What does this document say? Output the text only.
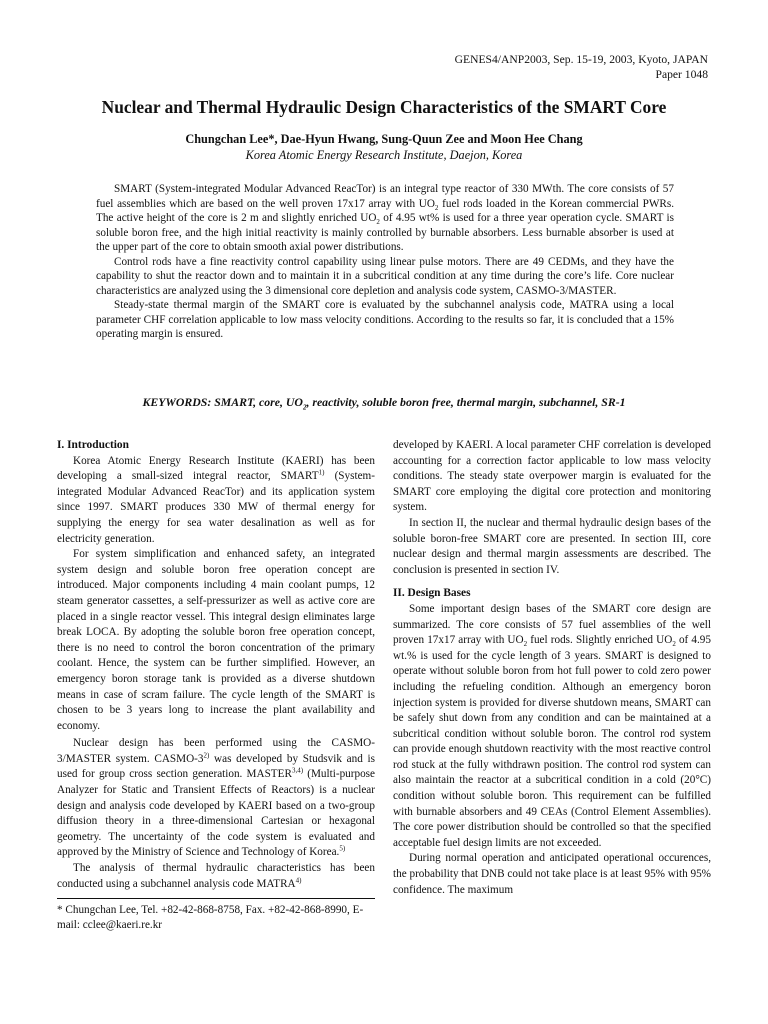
GENES4/ANP2003, Sep. 15-19, 2003, Kyoto, JAPAN
Paper 1048
Nuclear and Thermal Hydraulic Design Characteristics of the SMART Core
Chungchan Lee*, Dae-Hyun Hwang, Sung-Quun Zee and Moon Hee Chang
Korea Atomic Energy Research Institute, Daejon, Korea

SMART (System-integrated Modular Advanced ReacTor) is an integral type reactor of 330 MWth. The core consists of 57 fuel assemblies which are based on the well proven 17x17 array with $UO_2$ fuel rods loaded in the Korean commercial PWRs. The active height of the core is 2 m and slightly enriched $UO_2$ of 4.95 wt% is used for a three year operation cycle. SMART is soluble boron free, and the high initial reactivity is mainly controlled by burnable absorbers. Less burnable absorber is used at the upper part of the core to obtain smooth axial power distributions.

Control rods have a fine reactivity control capability using linear pulse motors. There are 49 CEDMs, and they have the capability to shut the reactor down and to maintain it in a subcritical condition at any time during the core’s life. Core nuclear characteristics are analyzed using the 3 dimensional core depletion and analysis code system, CASMO-3/MASTER.

Steady-state thermal margin of the SMART core is evaluated by the subchannel analysis code, MATRA using a local parameter CHF correlation applicable to low mass velocity conditions. According to the results so far, it is concluded that a 15% operating margin is ensured.

KEYWORDS: SMART, core, $UO_2$, reactivity, soluble boron free, thermal margin, subchannel, SR-1
I. Introduction

Korea Atomic Energy Research Institute (KAERI) has been developing a small-sized integral reactor, SMART$^{1)}$ (System-integrated Modular Advanced ReacTor) and its application system since 1997. SMART produces 330 MW of thermal energy for supplying the energy for sea water desalination as well as for electricity generation.

For system simplification and enhanced safety, an integrated system design and soluble boron free operation concept are introduced. Major components including 4 main coolant pumps, 12 steam generator cassettes, a self-pressurizer as well as active core are placed in a single reactor vessel. This integral design eliminates large break LOCA. By adopting the soluble boron free operation concept, there is no need to control the boron concentration of the primary coolant. Hence, the system can be further simplified. However, an emergency boron storage tank is provided as a diverse shutdown means in case of scram failure. The cycle length of the SMART is chosen to be 3 years long to increase the plant availability and economy.

Nuclear design has been performed using the CASMO-3/MASTER system. CASMO-3$^{2)}$ was developed by Studsvik and is used for group cross section generation. MASTER$^{3,4)}$ (Multi-purpose Analyzer for Static and Transient Effects of Reactors) is a nuclear design and analysis code developed by KAERI based on a two-group diffusion theory in a three-dimensional Cartesian or hexagonal geometry. The uncertainty of the code system is evaluated and approved by the Ministry of Science and Technology of Korea.$^{5)}$

The analysis of thermal hydraulic characteristics has been conducted using a subchannel analysis code MATRA$^{4)}$

* Chungchan Lee, Tel. +82-42-868-8758, Fax. +82-42-868-8990, E-mail: cclee@kaeri.re.kr

developed by KAERI. A local parameter CHF correlation is developed accounting for a correction factor applicable to low mass velocity conditions. The steady state overpower margin is evaluated for the SMART core employing the digital core protection and monitoring system.

In section II, the nuclear and thermal hydraulic design bases of the soluble boron-free SMART core are presented. In section III, core nuclear design and thermal margin assessments are described. The conclusion is presented in section IV.

II. Design Bases

Some important design bases of the SMART core design are summarized. The core consists of 57 fuel assemblies of the well proven 17x17 array with $UO_2$ fuel rods. Slightly enriched $UO_2$ of 4.95 wt.% is used for the cycle length of 3 years. SMART is designed to operate without soluble boron from hot full power to cold zero power including the refueling condition. Although an emergency boron injection system is provided for diverse shutdown means, SMART can be safely shut down from any condition and can be maintained at a subcritical condition without soluble boron. The control rod system can provide enough shutdown reactivity with the most reactive control rod stuck at the fully withdrawn position. The control rod system can also maintain the reactor at a subcritical condition in a cold (20°C) condition without soluble boron. This requirement can be fulfilled with burnable absorbers and 49 CEAs (Control Element Assemblies). The core power distribution should be controlled so that the specified acceptable fuel design limits are not exceeded.

During normal operation and anticipated operational occurences, the probability that DNB could not take place is at least 95% with 95% confidence. The maximum
